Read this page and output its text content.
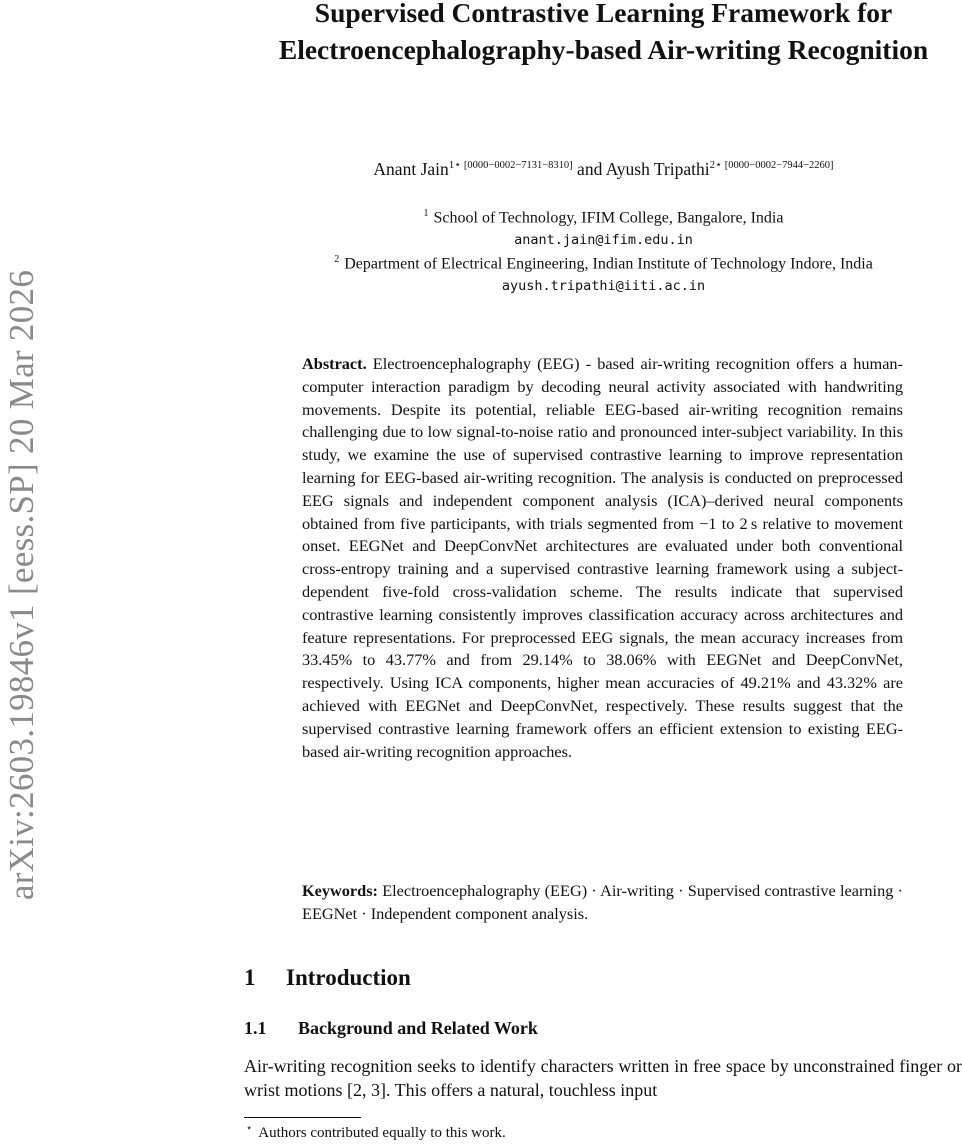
arXiv:2603.19846v1 [eess.SP] 20 Mar 2026
Supervised Contrastive Learning Framework for Electroencephalography-based Air-writing Recognition
Anant Jain$^{1⋆ [0000-0002-7131-8310]}$ and Ayush Tripathi$^{2⋆ [0000-0002-7944-2260]}$
$^1$ School of Technology, IFIM College, Bangalore, India
anant.jain@ifim.edu.in
$^2$ Department of Electrical Engineering, Indian Institute of Technology Indore, India
ayush.tripathi@iiti.ac.in

Abstract. Electroencephalography (EEG) - based air-writing recognition offers a human-computer interaction paradigm by decoding neural activity associated with handwriting movements. Despite its potential, reliable EEG-based air-writing recognition remains challenging due to low signal-to-noise ratio and pronounced inter-subject variability. In this study, we examine the use of supervised contrastive learning to improve representation learning for EEG-based air-writing recognition. The analysis is conducted on preprocessed EEG signals and independent component analysis (ICA)–derived neural components obtained from five participants, with trials segmented from −1 to 2 s relative to movement onset. EEGNet and DeepConvNet architectures are evaluated under both conventional cross-entropy training and a supervised contrastive learning framework using a subject-dependent five-fold cross-validation scheme. The results indicate that supervised contrastive learning consistently improves classification accuracy across architectures and feature representations. For preprocessed EEG signals, the mean accuracy increases from 33.45% to 43.77% and from 29.14% to 38.06% with EEGNet and DeepConvNet, respectively. Using ICA components, higher mean accuracies of 49.21% and 43.32% are achieved with EEGNet and DeepConvNet, respectively. These results suggest that the supervised contrastive learning framework offers an efficient extension to existing EEG-based air-writing recognition approaches.

Keywords: Electroencephalography (EEG) · Air-writing · Supervised contrastive learning · EEGNet · Independent component analysis.

1 Introduction
1.1 Background and Related Work

Air-writing recognition seeks to identify characters written in free space by unconstrained finger or wrist motions [2, 3]. This offers a natural, touchless input

⋆ Authors contributed equally to this work.
